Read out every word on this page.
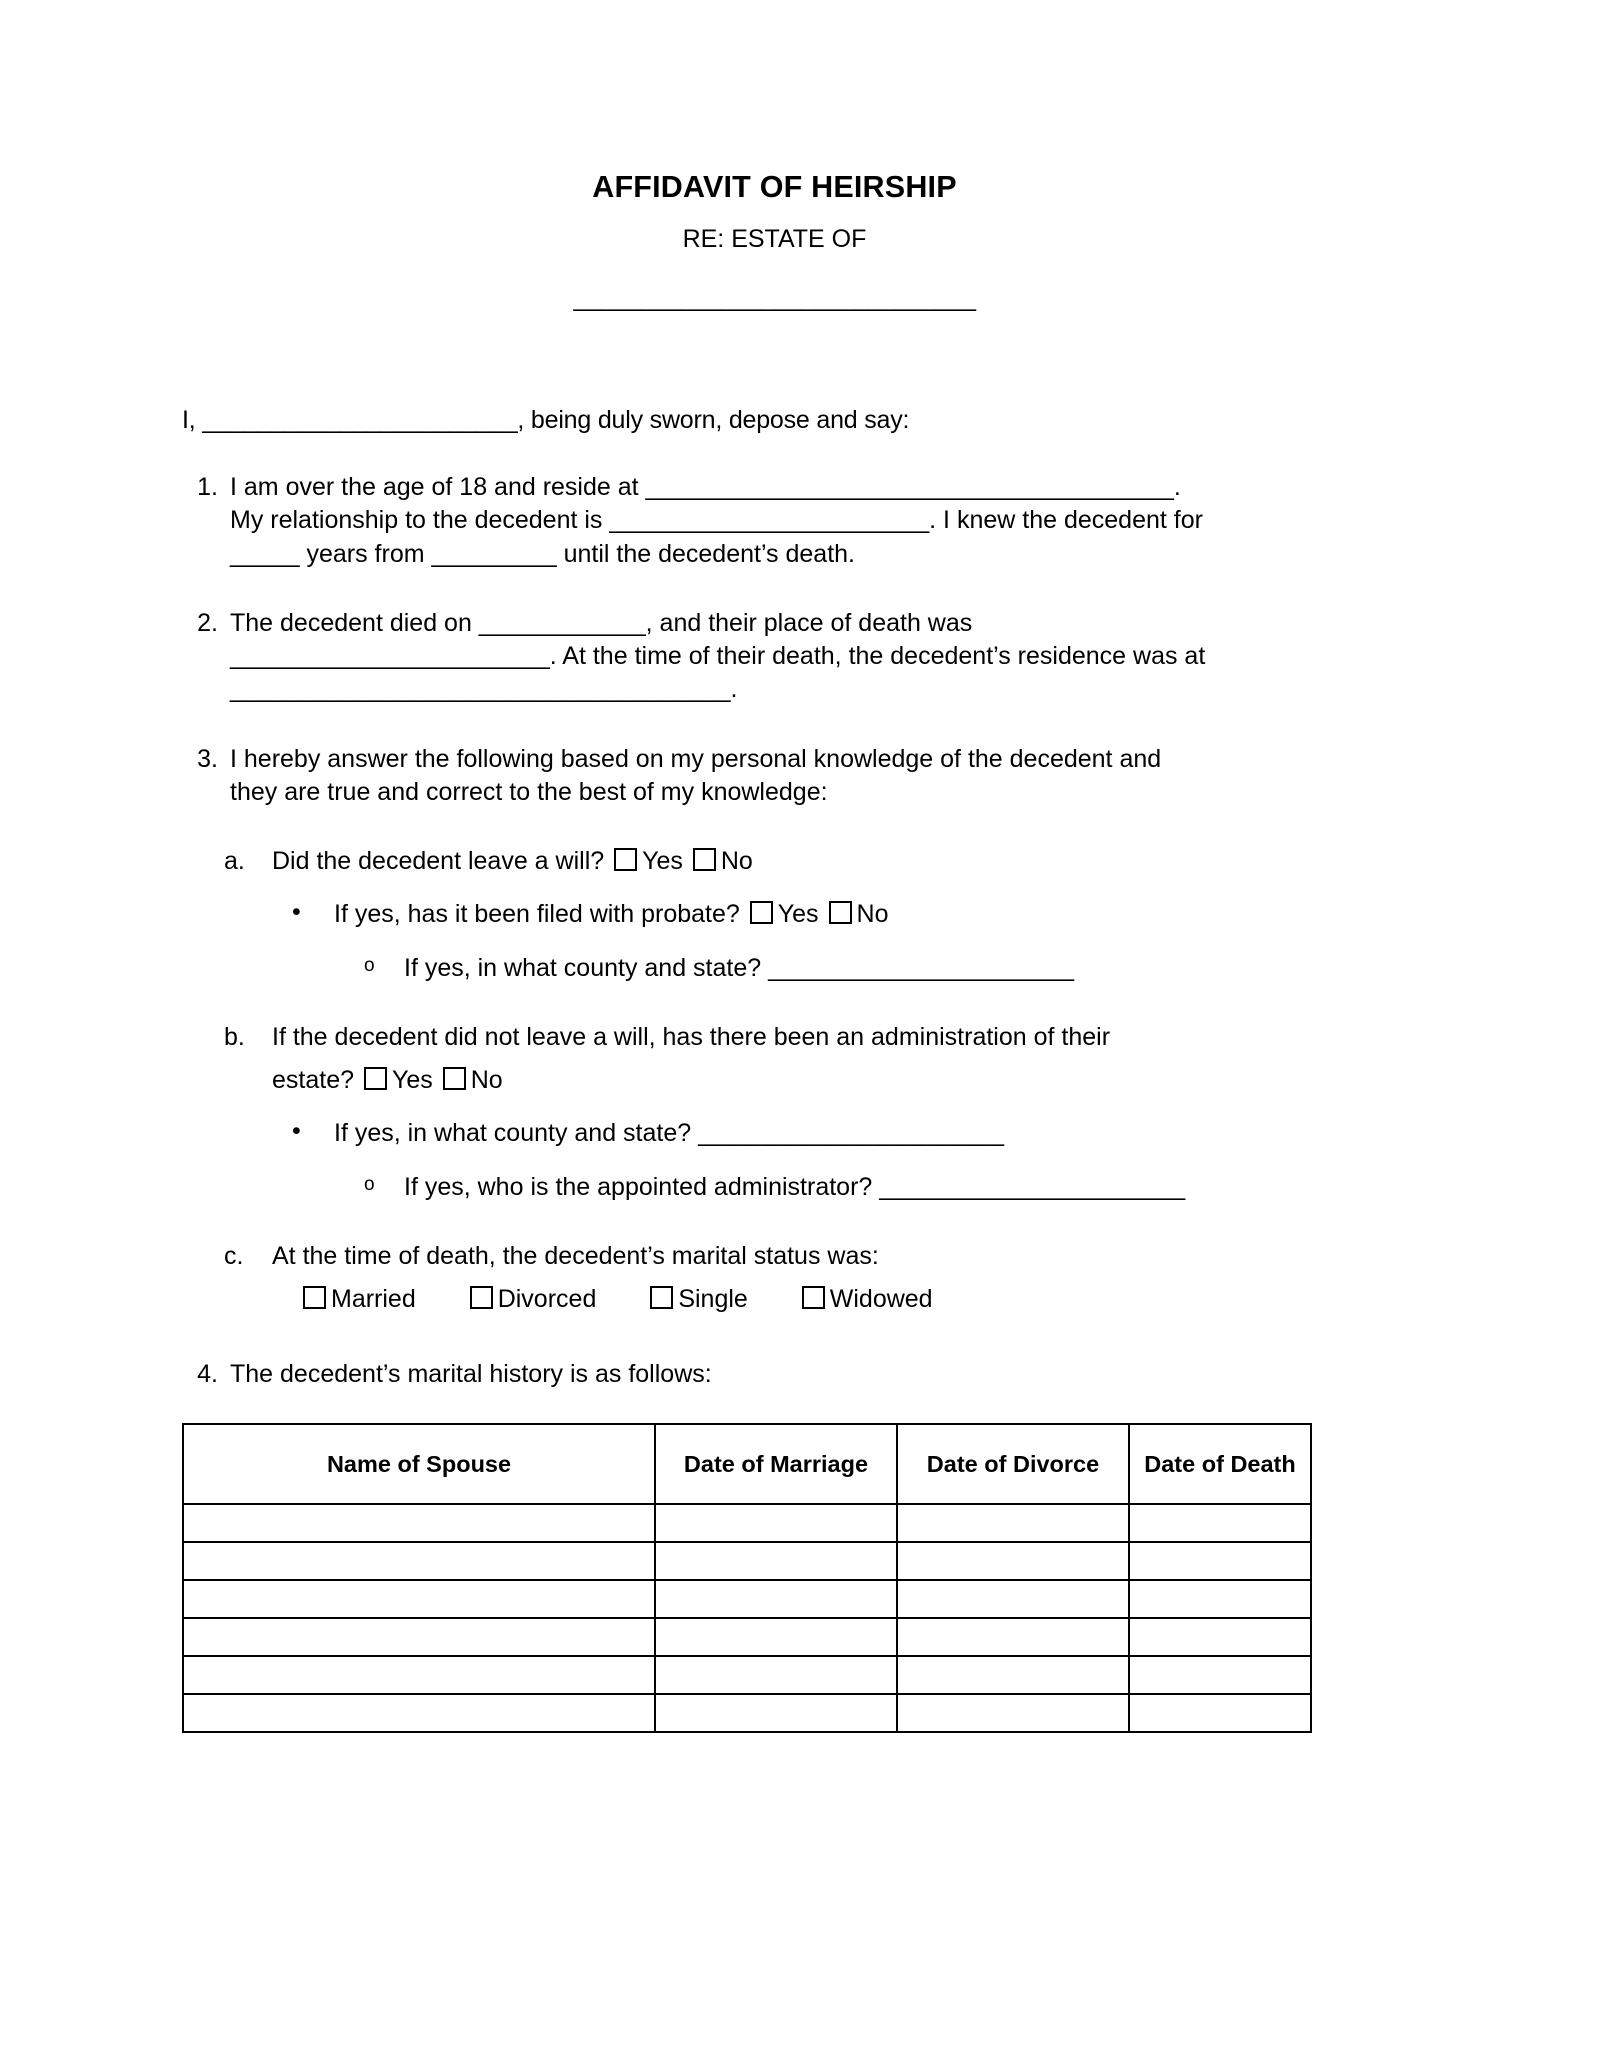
AFFIDAVIT OF HEIRSHIP
RE: ESTATE OF
______________________________
I, _______________________, being duly sworn, depose and say:
1. I am over the age of 18 and reside at ______________________________________.
My relationship to the decedent is _______________________. I knew the decedent for
_____ years from _________ until the decedent’s death.
2. The decedent died on ____________, and their place of death was
_______________________. At the time of their death, the decedent’s residence was at
____________________________________.
3. I hereby answer the following based on my personal knowledge of the decedent and
they are true and correct to the best of my knowledge:
a.	Did the decedent leave a will? Yes No
• If yes, has it been filed with probate? Yes No
o If yes, in what county and state? ______________________
b.	If the decedent did not leave a will, has there been an administration of their
estate? Yes No
• If yes, in what county and state? ______________________
o If yes, who is the appointed administrator? ______________________
c.	At the time of death, the decedent’s marital status was:
Married	Divorced	Single	Widowed
4. The decedent’s marital history is as follows:
Name of Spouse	Date of Marriage	Date of Divorce	Date of Death
